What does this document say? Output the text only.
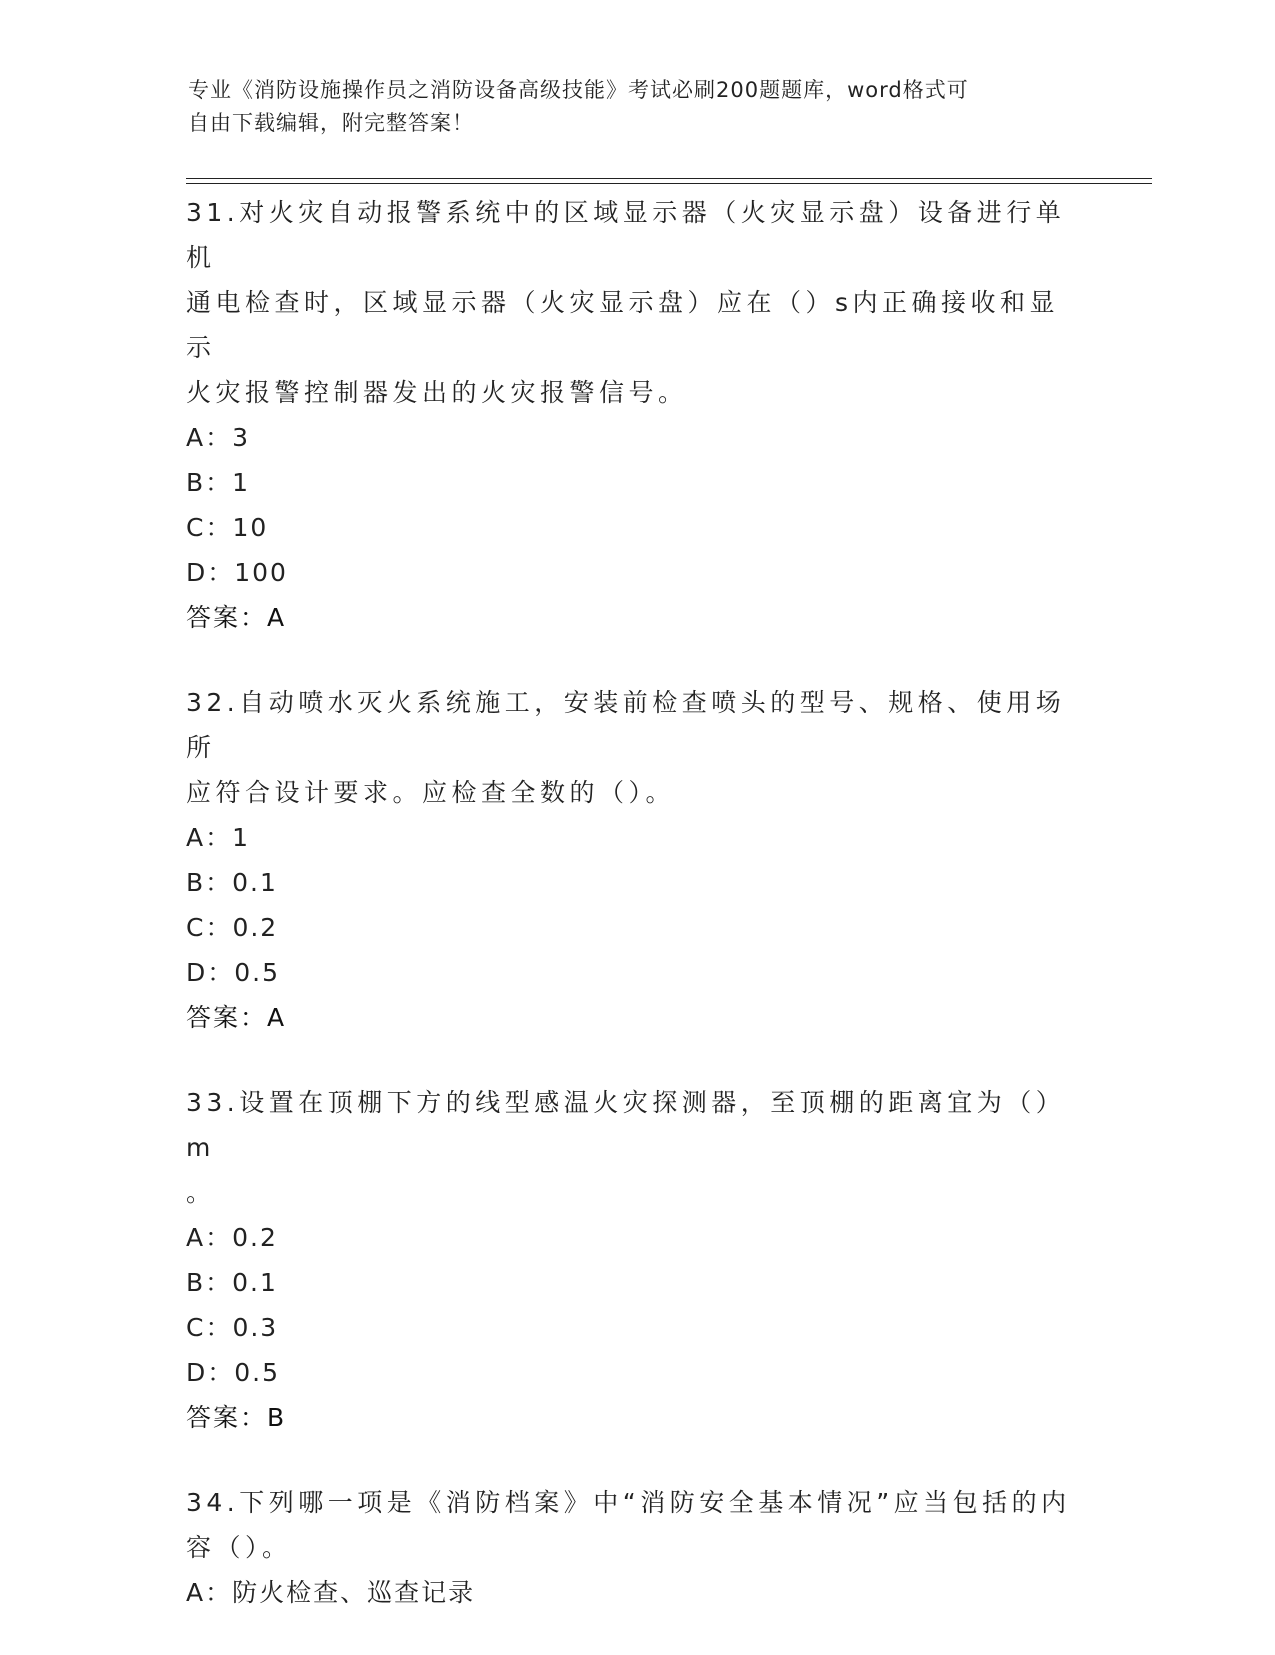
专业《消防设施操作员之消防设备高级技能》考试必刷200题题库，word格式可
自由下载编辑，附完整答案！

31.对火灾自动报警系统中的区域显示器（火灾显示盘）设备进行单机

通电检查时，区域显示器（火灾显示盘）应在（）s内正确接收和显示

火灾报警控制器发出的火灾报警信号。

A：3

B：1

C：10

D：100

答案：A

32.自动喷水灭火系统施工，安装前检查喷头的型号、规格、使用场所

应符合设计要求。应检查全数的（）。

A：1

B：0.1

C：0.2

D：0.5

答案：A

33.设置在顶棚下方的线型感温火灾探测器，至顶棚的距离宜为（）m

。

A：0.2

B：0.1

C：0.3

D：0.5

答案：B

34.下列哪一项是《消防档案》中“消防安全基本情况”应当包括的内

容（）。

A：防火检查、巡查记录
